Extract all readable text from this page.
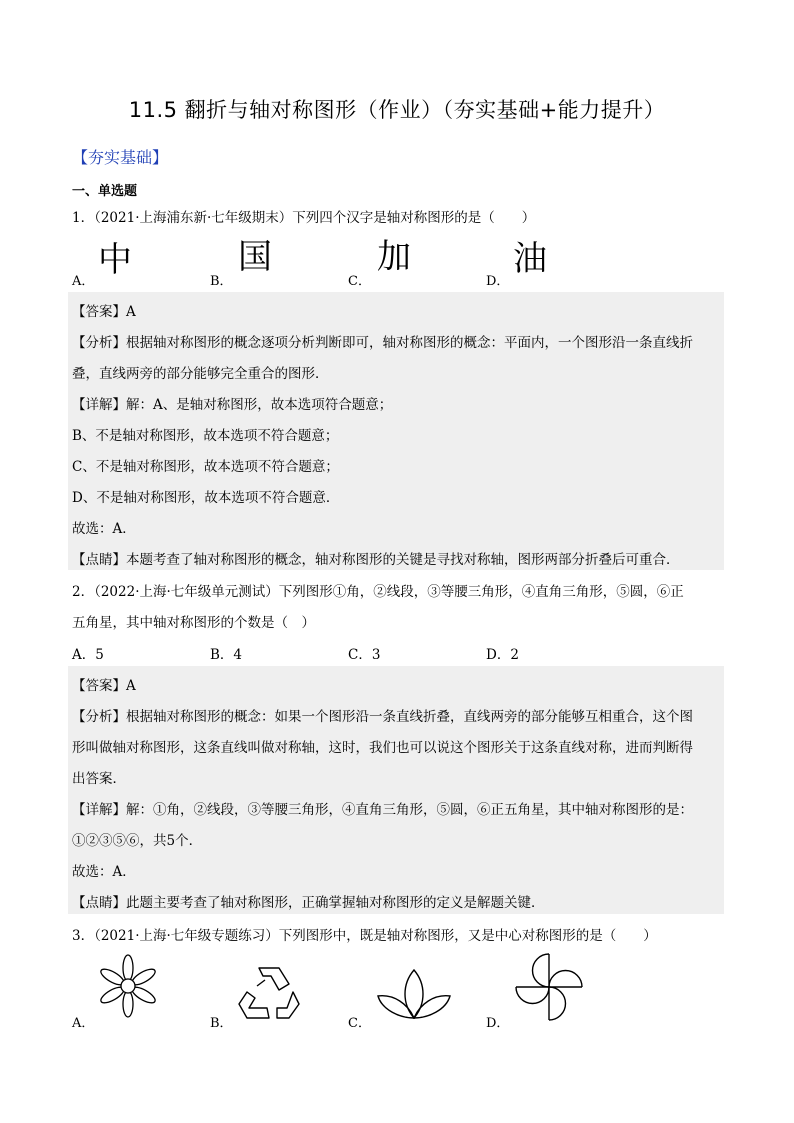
11.5 翻折与轴对称图形（作业）（夯实基础+能力提升）
【夯实基础】
一、单选题
1．（2021·上海浦东新·七年级期末）下列四个汉字是轴对称图形的是（　　）
A．
中
B．
国
C．
加
D．
油
【答案】A
【分析】根据轴对称图形的概念逐项分析判断即可，轴对称图形的概念：平面内，一个图形沿一条直线折
叠，直线两旁的部分能够完全重合的图形．
【详解】解：A、是轴对称图形，故本选项符合题意；
B、不是轴对称图形，故本选项不符合题意；
C、不是轴对称图形，故本选项不符合题意；
D、不是轴对称图形，故本选项不符合题意．
故选：A．
【点睛】本题考查了轴对称图形的概念，轴对称图形的关键是寻找对称轴，图形两部分折叠后可重合．
2．（2022·上海·七年级单元测试）下列图形①角，②线段，③等腰三角形，④直角三角形，⑤圆，⑥正
五角星，其中轴对称图形的个数是（　）
A．5	B．4	C．3	D．2
【答案】A
【分析】根据轴对称图形的概念：如果一个图形沿一条直线折叠，直线两旁的部分能够互相重合，这个图
形叫做轴对称图形，这条直线叫做对称轴，这时，我们也可以说这个图形关于这条直线对称，进而判断得
出答案．
【详解】解：①角，②线段，③等腰三角形，④直角三角形，⑤圆，⑥正五角星，其中轴对称图形的是：
①②③⑤⑥，共5个．
故选：A．
【点睛】此题主要考查了轴对称图形，正确掌握轴对称图形的定义是解题关键．
3．（2021·上海·七年级专题练习）下列图形中，既是轴对称图形，又是中心对称图形的是（　　）
A．	B．	C．	D．
